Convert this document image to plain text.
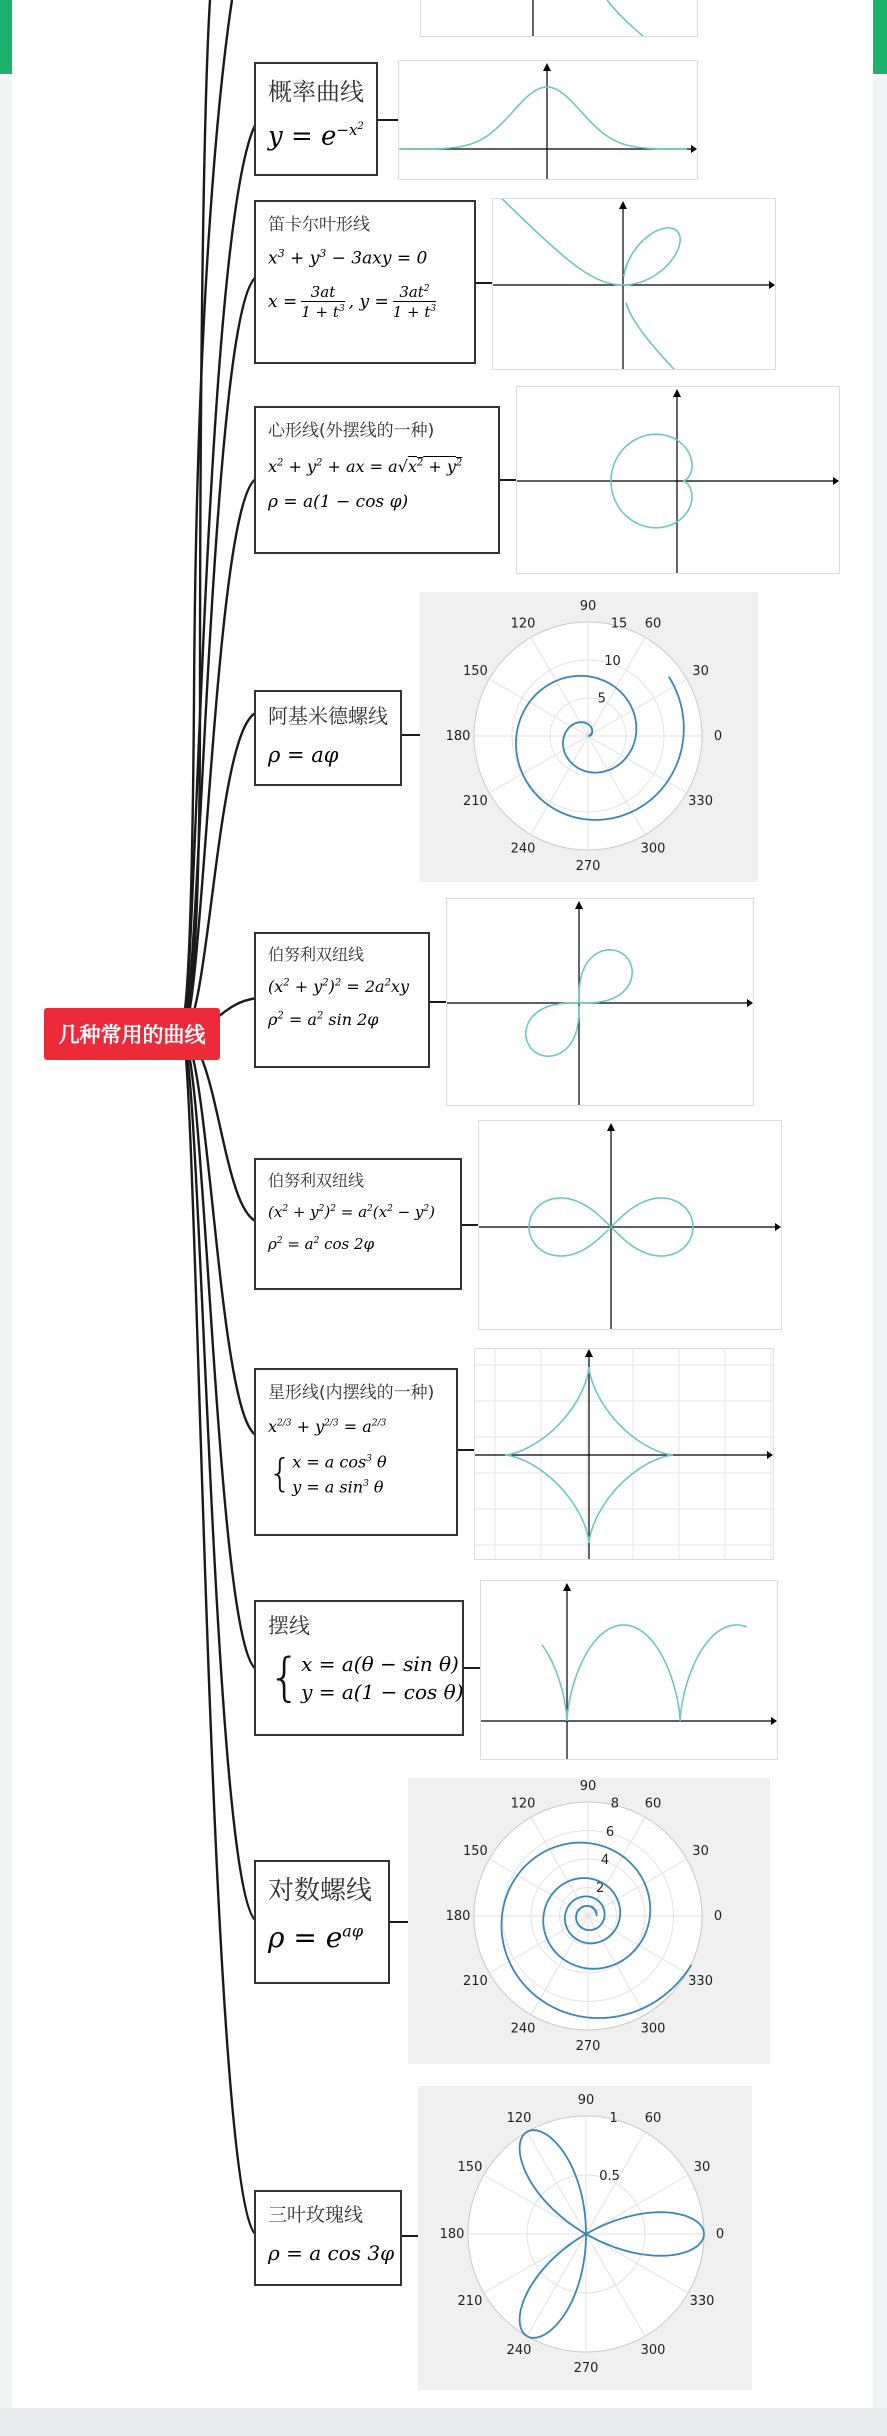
几种常用的曲线
概率曲线
$y = e^{-x^2}$
笛卡尔叶形线
$x^3 + y^3 - 3axy = 0$
x = 3at
$1 + t^3$ , $y = 3at^2$
$1 + t^3$
心形线(外摆线的一种)
$x^2 + y^2$ + ax = $a√x^2 + y^2$
ρ = a(1 − cos φ)
阿基米德螺线
ρ = aφ
90
60
30
0
330
300
270
240
210
180
150
120
5
10
15
伯努利双纽线
$(x^2 + y^2)^2 = 2a^2xy$
$\rho^2 = a^2$ sin 2φ
伯努利双纽线
$(x^2 + y^2)^2 = a^2(x^2 - y^2)$
$\rho^2 = a^2$ cos 2φ
星形线(内摆线的一种)
$x^{2/3} + y^{2/3} = a^{2/3}$
{ x = a $\cos^3 \theta$
y = a $\sin^3 \theta$
摆线
{ x = a(θ − sin θ)
y = a(1 − cos θ)
对数螺线
$\rho = e^{a\varphi}$
90
60
30
0
330
300
270
240
210
180
150
120
2
4
6
8
三叶玫瑰线
ρ = a cos 3φ
90
60
30
0
330
300
270
240
210
180
150
120
0.5
1
